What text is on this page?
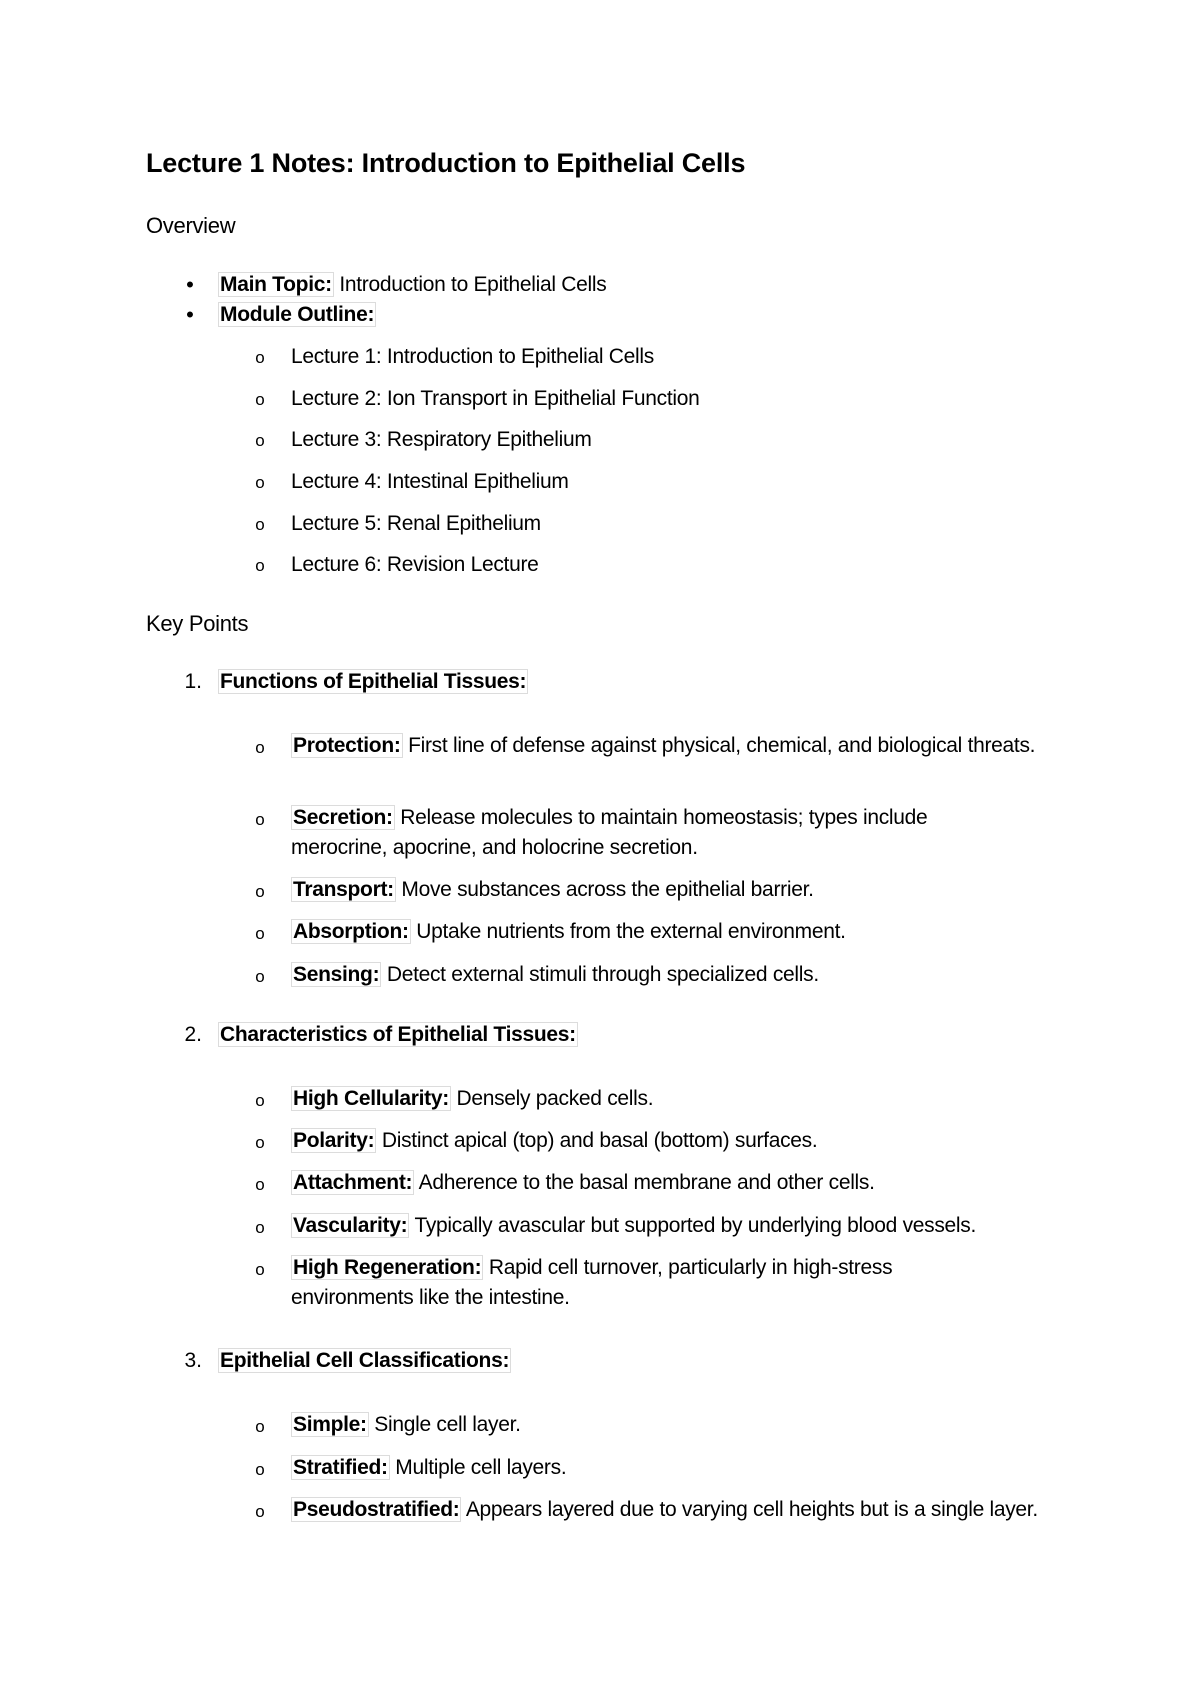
Lecture 1 Notes: Introduction to Epithelial Cells
Overview
• Main Topic: Introduction to Epithelial Cells
• Module Outline:
o Lecture 1: Introduction to Epithelial Cells
o Lecture 2: Ion Transport in Epithelial Function
o Lecture 3: Respiratory Epithelium
o Lecture 4: Intestinal Epithelium
o Lecture 5: Renal Epithelium
o Lecture 6: Revision Lecture
Key Points
1. Functions of Epithelial Tissues:
o Protection: First line of defense against physical, chemical, and biological threats.
o Secretion: Release molecules to maintain homeostasis; types include merocrine, apocrine, and holocrine secretion.
o Transport: Move substances across the epithelial barrier.
o Absorption: Uptake nutrients from the external environment.
o Sensing: Detect external stimuli through specialized cells.
2. Characteristics of Epithelial Tissues:
o High Cellularity: Densely packed cells.
o Polarity: Distinct apical (top) and basal (bottom) surfaces.
o Attachment: Adherence to the basal membrane and other cells.
o Vascularity: Typically avascular but supported by underlying blood vessels.
o High Regeneration: Rapid cell turnover, particularly in high-stress environments like the intestine.
3. Epithelial Cell Classifications:
o Simple: Single cell layer.
o Stratified: Multiple cell layers.
o Pseudostratified: Appears layered due to varying cell heights but is a single layer.
